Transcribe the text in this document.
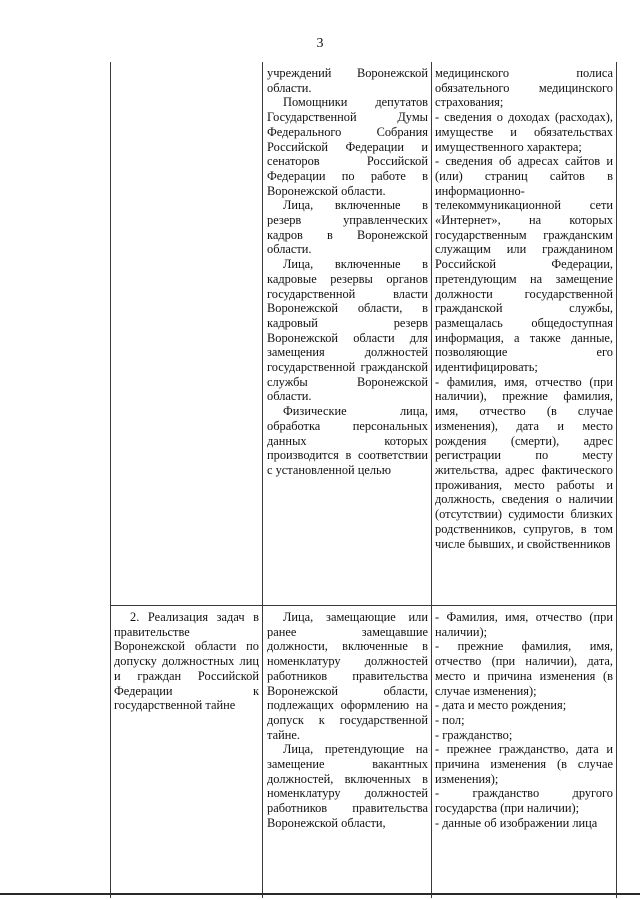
3

учреждений Воронежской области.

Помощники депутатов Государственной Думы Федерального Собрания Российской Федерации и сенаторов Российской Федерации по работе в Воронежской области.

Лица, включенные в резерв управленческих кадров в Воронежской области.

Лица, включенные в кадровые резервы органов государственной власти Воронежской области, в кадровый резерв Воронежской области для замещения должностей государственной гражданской службы Воронежской области.

Физические лица, обработка персональных данных которых производится в соответствии с установленной целью

медицинского полиса обязательного медицинского страхования;

- сведения о доходах (расходах), имуществе и обязательствах имущественного характера;

- сведения об адресах сайтов и (или) страниц сайтов в информационно-телекоммуникационной сети «Интернет», на которых государственным гражданским служащим или гражданином Российской Федерации, претендующим на замещение должности государственной гражданской службы, размещалась общедоступная информация, а также данные, позволяющие его идентифицировать;

- фамилия, имя, отчество (при наличии), прежние фамилия, имя, отчество (в случае изменения), дата и место рождения (смерти), адрес регистрации по месту жительства, адрес фактического проживания, место работы и должность, сведения о наличии (отсутствии) судимости близких родственников, супругов, в том числе бывших, и свойственников

2. Реализация задач в правительстве Воронежской области по допуску должностных лиц и граждан Российской Федерации к государственной тайне

Лица, замещающие или ранее замещавшие должности, включенные в номенклатуру должностей работников правительства Воронежской области, подлежащих оформлению на допуск к государственной тайне.

Лица, претендующие на замещение вакантных должностей, включенных в номенклатуру должностей работников правительства Воронежской области,

- Фамилия, имя, отчество (при наличии);

- прежние фамилия, имя, отчество (при наличии), дата, место и причина изменения (в случае изменения);

- дата и место рождения;

- пол;

- гражданство;

- прежнее гражданство, дата и причина изменения (в случае изменения);

- гражданство другого государства (при наличии);

- данные об изображении лица
